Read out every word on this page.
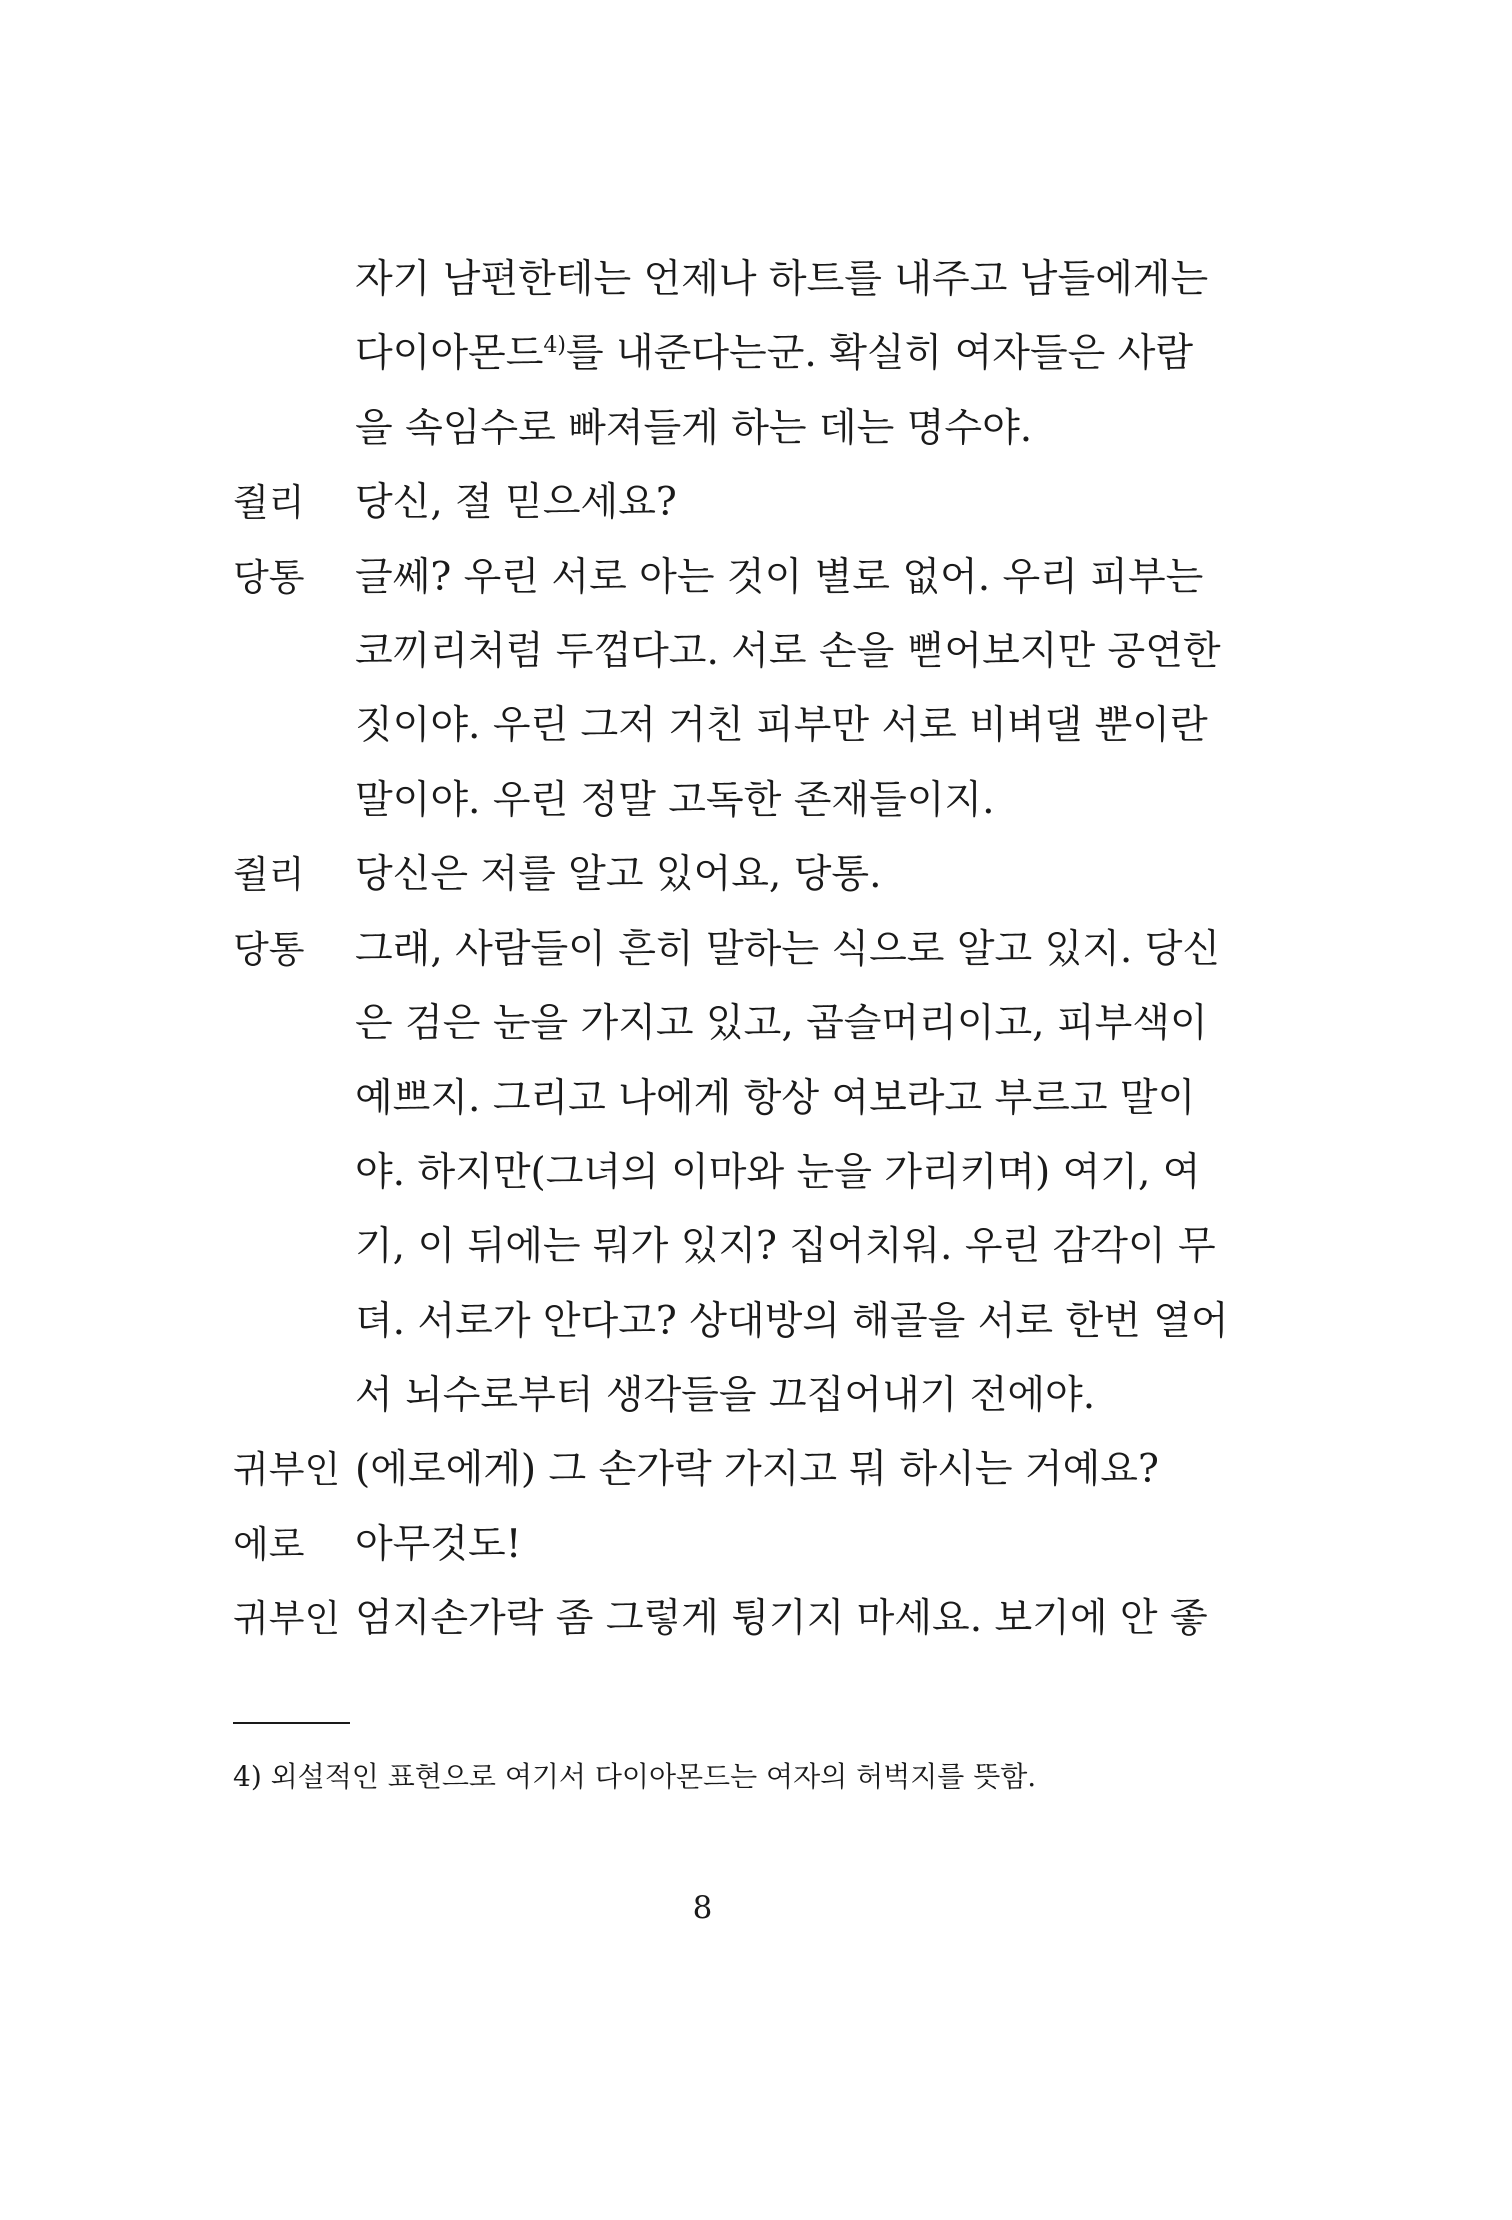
자기 남편한테는 언제나 하트를 내주고 남들에게는
다이아몬드$^{4)}$를 내준다는군. 확실히 여자들은 사람
을 속임수로 빠져들게 하는 데는 명수야.
쥘리 당신, 절 믿으세요?
당통 글쎄? 우린 서로 아는 것이 별로 없어. 우리 피부는
코끼리처럼 두껍다고. 서로 손을 뻗어보지만 공연한
짓이야. 우린 그저 거친 피부만 서로 비벼댈 뿐이란
말이야. 우린 정말 고독한 존재들이지.
쥘리 당신은 저를 알고 있어요, 당통.
당통 그래, 사람들이 흔히 말하는 식으로 알고 있지. 당신
은 검은 눈을 가지고 있고, 곱슬머리이고, 피부색이
예쁘지. 그리고 나에게 항상 여보라고 부르고 말이
야. 하지만(그녀의 이마와 눈을 가리키며) 여기, 여
기, 이 뒤에는 뭐가 있지? 집어치워. 우린 감각이 무
뎌. 서로가 안다고? 상대방의 해골을 서로 한번 열어
서 뇌수로부터 생각들을 끄집어내기 전에야.
귀부인 (에로에게) 그 손가락 가지고 뭐 하시는 거예요?
에로 아무것도!
귀부인 엄지손가락 좀 그렇게 튕기지 마세요. 보기에 안 좋
4) 외설적인 표현으로 여기서 다이아몬드는 여자의 허벅지를 뜻함.
8
